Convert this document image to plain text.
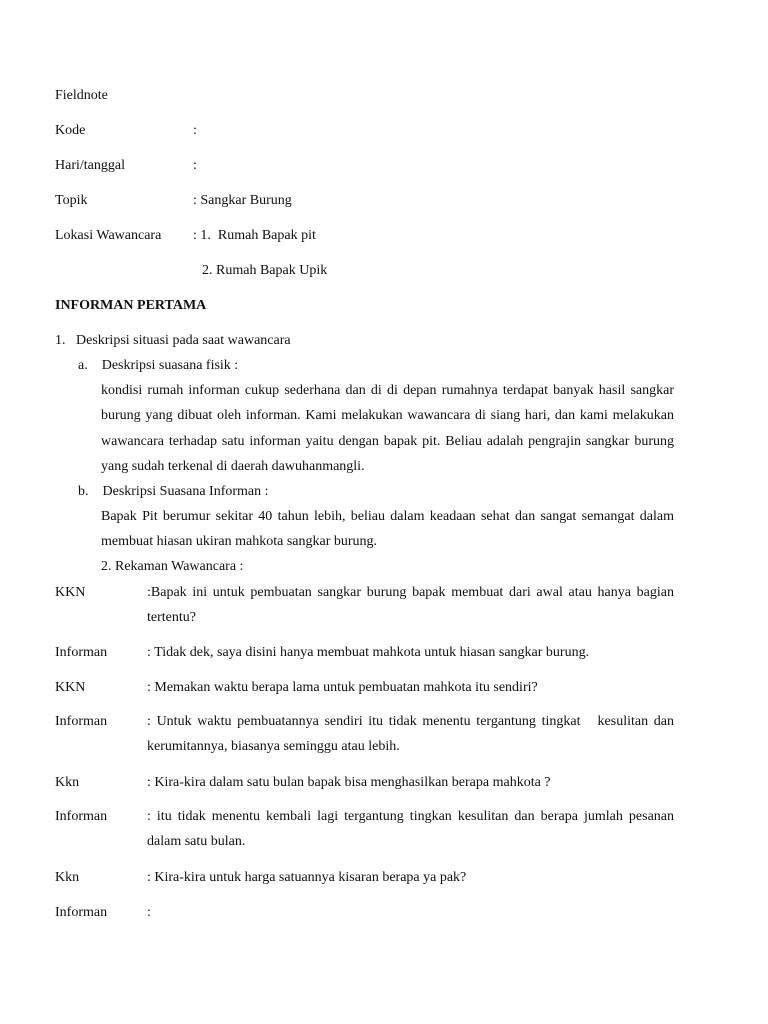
Fieldnote
Kode	:
Hari/tanggal	:
Topik	: Sangkar Burung
Lokasi Wawancara : 1.  Rumah Bapak pit
2. Rumah Bapak Upik
INFORMAN PERTAMA
1.   Deskripsi situasi pada saat wawancara
a.    Deskripsi suasana fisik :
kondisi rumah informan cukup sederhana dan di di depan rumahnya terdapat banyak hasil sangkar burung yang dibuat oleh informan. Kami melakukan wawancara di siang hari, dan kami melakukan wawancara terhadap satu informan yaitu dengan bapak pit. Beliau adalah pengrajin sangkar burung yang sudah terkenal di daerah dawuhanmangli.
b.    Deskripsi Suasana Informan :
Bapak Pit berumur sekitar 40 tahun lebih, beliau dalam keadaan sehat dan sangat semangat dalam membuat hiasan ukiran mahkota sangkar burung.
2. Rekaman Wawancara :
KKN	:Bapak ini untuk pembuatan sangkar burung bapak membuat dari awal atau hanya bagian tertentu?
Informan	: Tidak dek, saya disini hanya membuat mahkota untuk hiasan sangkar burung.
KKN	: Memakan waktu berapa lama untuk pembuatan mahkota itu sendiri?
Informan	: Untuk waktu pembuatannya sendiri itu tidak menentu tergantung tingkat   kesulitan dan kerumitannya, biasanya seminggu atau lebih.
Kkn	: Kira-kira dalam satu bulan bapak bisa menghasilkan berapa mahkota ?
Informan	: itu tidak menentu kembali lagi tergantung tingkan kesulitan dan berapa jumlah pesanan dalam satu bulan.
Kkn	: Kira-kira untuk harga satuannya kisaran berapa ya pak?
Informan	:
